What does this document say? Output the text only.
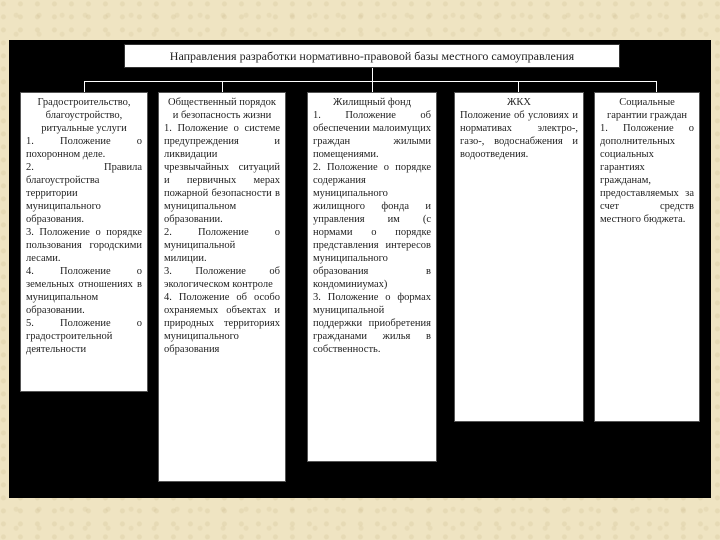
Направления разработки нормативно-правовой базы местного самоуправления
Градостроительство, благоустройство, ритуальные услуги

1. Положение о похоронном деле.

2. Правила благоустройства территории муниципального образования.

3. Положение о порядке пользования городскими лесами.

4. Положение о земельных отношениях в муниципальном образовании.

5. Положение о градостроительной деятельности

Общественный порядок и безопасность жизни

1. Положение о системе предупреждения и ликвидации чрезвычайных ситуаций и первичных мерах пожарной безопасности в муниципальном образовании.

2. Положение о муниципальной милиции.

3. Положение об экологическом контроле

4. Положение об особо охраняемых объектах и природных территориях муниципального образования

Жилищный фонд

1. Положение об обеспечении малоимущих граждан жилыми помещениями.

2. Положение о порядке содержания муниципального жилищного фонда и управления им (с нормами о порядке представления интересов муниципального образования в кондоминиумах)

3. Положение о формах муниципальной поддержки приобретения гражданами жилья в собственность.

ЖКХ

Положение об условиях и нормативах электро-, газо-, водоснабжения и водоотведения.

Социальные гарантии граждан

1. Положение о дополнительных социальных гарантиях гражданам, предоставляемых за счет средств местного бюджета.
